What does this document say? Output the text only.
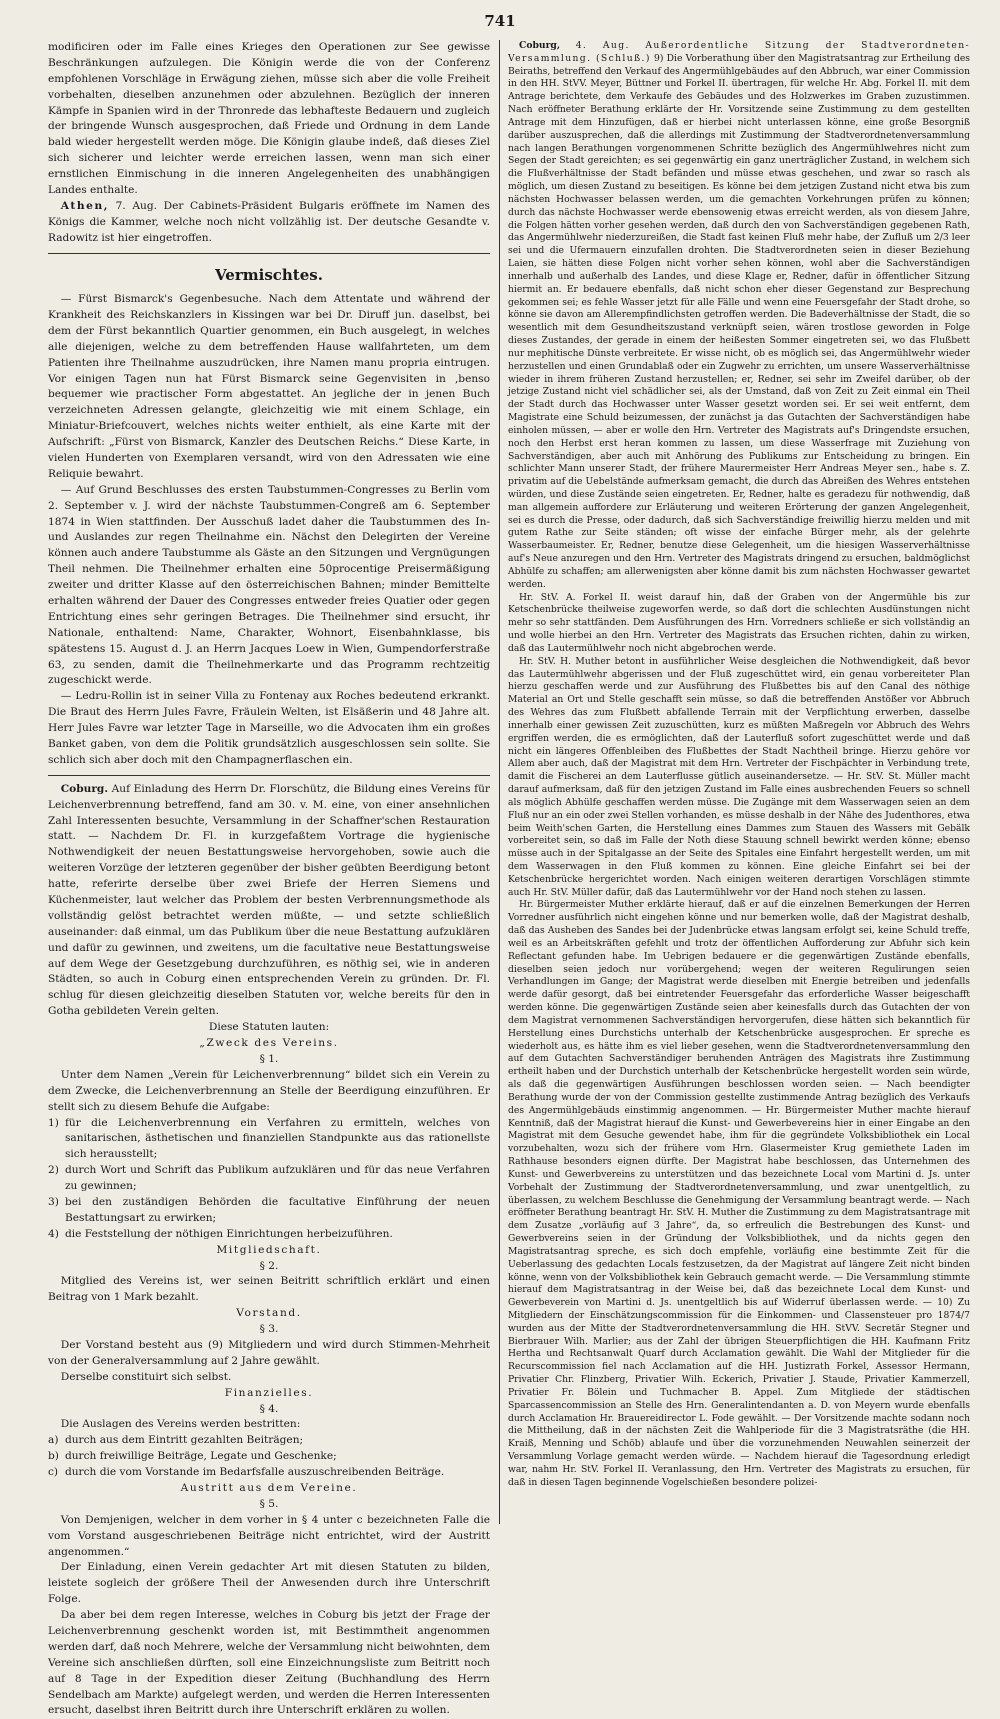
741

modificiren oder im Falle eines Krieges den Operationen zur See gewisse Beschränkungen aufzulegen. Die Königin werde die von der Conferenz empfohlenen Vorschläge in Erwägung ziehen, müsse sich aber die volle Freiheit vorbehalten, dieselben anzunehmen oder abzulehnen. Bezüglich der inneren Kämpfe in Spanien wird in der Thronrede das lebhafteste Bedauern und zugleich der bringende Wunsch ausgesprochen, daß Friede und Ordnung in dem Lande bald wieder hergestellt werden möge. Die Königin glaube indeß, daß dieses Ziel sich sicherer und leichter werde erreichen lassen, wenn man sich einer ernstlichen Einmischung in die inneren Angelegenheiten des unabhängigen Landes enthalte.

Athen, 7. Aug. Der Cabinets-Präsident Bulgaris eröffnete im Namen des Königs die Kammer, welche noch nicht vollzählig ist. Der deutsche Gesandte v. Radowitz ist hier eingetroffen.

Vermischtes.

— Fürst Bismarck's Gegenbesuche. Nach dem Attentate und während der Krankheit des Reichskanzlers in Kissingen war bei Dr. Diruff jun. daselbst, bei dem der Fürst bekanntlich Quartier genommen, ein Buch ausgelegt, in welches alle diejenigen, welche zu dem betreffenden Hause wallfahrteten, um dem Patienten ihre Theilnahme auszudrücken, ihre Namen manu propria eintrugen. Vor einigen Tagen nun hat Fürst Bismarck seine Gegenvisiten in ‚benso bequemer wie practischer Form abgestattet. An jegliche der in jenen Buch verzeichneten Adressen gelangte, gleichzeitig wie mit einem Schlage, ein Miniatur-Briefcouvert, welches nichts weiter enthielt, als eine Karte mit der Aufschrift: „Fürst von Bismarck, Kanzler des Deutschen Reichs.“ Diese Karte, in vielen Hunderten von Exemplaren versandt, wird von den Adressaten wie eine Reliquie bewahrt.

— Auf Grund Beschlusses des ersten Taubstummen-Congresses zu Berlin vom 2. September v. J. wird der nächste Taubstummen-Congreß am 6. September 1874 in Wien stattfinden. Der Ausschuß ladet daher die Taubstummen des In- und Auslandes zur regen Theilnahme ein. Nächst den Delegirten der Vereine können auch andere Taubstumme als Gäste an den Sitzungen und Vergnügungen Theil nehmen. Die Theilnehmer erhalten eine 50procentige Preisermäßigung zweiter und dritter Klasse auf den österreichischen Bahnen; minder Bemittelte erhalten während der Dauer des Congresses entweder freies Quatier oder gegen Entrichtung eines sehr geringen Betrages. Die Theilnehmer sind ersucht, ihr Nationale, enthaltend: Name, Charakter, Wohnort, Eisenbahnklasse, bis spätestens 15. August d. J. an Herrn Jacques Loew in Wien, Gumpendorferstraße 63, zu senden, damit die Theilnehmerkarte und das Programm rechtzeitig zugeschickt werde.

— Ledru-Rollin ist in seiner Villa zu Fontenay aux Roches bedeutend erkrankt. Die Braut des Herrn Jules Favre, Fräulein Welten, ist Elsäßerin und 48 Jahre alt. Herr Jules Favre war letzter Tage in Marseille, wo die Advocaten ihm ein großes Banket gaben, von dem die Politik grundsätzlich ausgeschlossen sein sollte. Sie schlich sich aber doch mit den Champagnerflaschen ein.

Coburg. Auf Einladung des Herrn Dr. Florschütz, die Bildung eines Vereins für Leichenverbrennung betreffend, fand am 30. v. M. eine, von einer ansehnlichen Zahl Interessenten besuchte, Versammlung in der Schaffner'schen Restauration statt. — Nachdem Dr. Fl. in kurzgefaßtem Vortrage die hygienische Nothwendigkeit der neuen Bestattungsweise hervorgehoben, sowie auch die weiteren Vorzüge der letzteren gegenüber der bisher geübten Beerdigung betont hatte, referirte derselbe über zwei Briefe der Herren Siemens und Küchenmeister, laut welcher das Problem der besten Verbrennungsmethode als vollständig gelöst betrachtet werden müßte, — und setzte schließlich auseinander: daß einmal, um das Publikum über die neue Bestattung aufzuklären und dafür zu gewinnen, und zweitens, um die facultative neue Bestattungsweise auf dem Wege der Gesetzgebung durchzuführen, es nöthig sei, wie in anderen Städten, so auch in Coburg einen entsprechenden Verein zu gründen. Dr. Fl. schlug für diesen gleichzeitig dieselben Statuten vor, welche bereits für den in Gotha gebildeten Verein gelten.

Diese Statuten lauten:
„Zweck des Vereins.
§ 1.

Unter dem Namen „Verein für Leichenverbrennung“ bildet sich ein Verein zu dem Zwecke, die Leichenverbrennung an Stelle der Beerdigung einzuführen. Er stellt sich zu diesem Behufe die Aufgabe:

1) für die Leichenverbrennung ein Verfahren zu ermitteln, welches von sanitarischen, ästhetischen und finanziellen Standpunkte aus das rationellste sich herausstellt;

2) durch Wort und Schrift das Publikum aufzuklären und für das neue Verfahren zu gewinnen;

3) bei den zuständigen Behörden die facultative Einführung der neuen Bestattungsart zu erwirken;

4) die Feststellung der nöthigen Einrichtungen herbeizuführen.

Mitgliedschaft.
§ 2.

Mitglied des Vereins ist, wer seinen Beitritt schriftlich erklärt und einen Beitrag von 1 Mark bezahlt.

Vorstand.
§ 3.

Der Vorstand besteht aus (9) Mitgliedern und wird durch Stimmen-Mehrheit von der Generalversammlung auf 2 Jahre gewählt.

Derselbe constituirt sich selbst.

Finanzielles.
§ 4.

Die Auslagen des Vereins werden bestritten:

a) durch aus dem Eintritt gezahlten Beiträgen;

b) durch freiwillige Beiträge, Legate und Geschenke;

c) durch die vom Vorstande im Bedarfsfalle auszuschreibenden Beiträge.

Austritt aus dem Vereine.
§ 5.

Von Demjenigen, welcher in dem vorher in § 4 unter c bezeichneten Falle die vom Vorstand ausgeschriebenen Beiträge nicht entrichtet, wird der Austritt angenommen.“

Der Einladung, einen Verein gedachter Art mit diesen Statuten zu bilden, leistete sogleich der größere Theil der Anwesenden durch ihre Unterschrift Folge.

Da aber bei dem regen Interesse, welches in Coburg bis jetzt der Frage der Leichenverbrennung geschenkt worden ist, mit Bestimmtheit angenommen werden darf, daß noch Mehrere, welche der Versammlung nicht beiwohnten, dem Vereine sich anschließen dürften, soll eine Einzeichnungsliste zum Beitritt noch auf 8 Tage in der Expedition dieser Zeitung (Buchhandlung des Herrn Sendelbach am Markte) aufgelegt werden, und werden die Herren Interessenten ersucht, daselbst ihren Beitritt durch ihre Unterschrift erklären zu wollen.

Coburg, 4. Aug. Außerordentliche Sitzung der Stadtverordneten-Versammlung. (Schluß.) 9) Die Vorberathung über den Magistratsantrag zur Ertheilung des Beiraths, betreffend den Verkauf des Angermühlgebäudes auf den Abbruch, war einer Commission in den HH. StVV. Meyer, Büttner und Forkel II. übertragen, für welche Hr. Abg. Forkel II. mit dem Antrage berichtete, dem Verkaufe des Gebäudes und des Holzwerkes im Graben zuzustimmen. Nach eröffneter Berathung erklärte der Hr. Vorsitzende seine Zustimmung zu dem gestellten Antrage mit dem Hinzufügen, daß er hierbei nicht unterlassen könne, eine große Besorgniß darüber auszusprechen, daß die allerdings mit Zustimmung der Stadtverordnetenversammlung nach langen Berathungen vorgenommenen Schritte bezüglich des Angermühlwehres nicht zum Segen der Stadt gereichten; es sei gegenwärtig ein ganz unerträglicher Zustand, in welchem sich die Flußverhältnisse der Stadt befänden und müsse etwas geschehen, und zwar so rasch als möglich, um diesen Zustand zu beseitigen. Es könne bei dem jetzigen Zustand nicht etwa bis zum nächsten Hochwasser belassen werden, um die gemachten Vorkehrungen prüfen zu können; durch das nächste Hochwasser werde ebensowenig etwas erreicht werden, als von diesem Jahre, die Folgen hätten vorher gesehen werden, daß durch den von Sachverständigen gegebenen Rath, das Angermühlwehr niederzureißen, die Stadt fast keinen Fluß mehr habe, der Zufluß um 2/3 leer sei und die Ufermauern einzufallen drohten. Die Stadtverordneten seien in dieser Beziehung Laien, sie hätten diese Folgen nicht vorher sehen können, wohl aber die Sachverständigen innerhalb und außerhalb des Landes, und diese Klage er, Redner, dafür in öffentlicher Sitzung hiermit an. Er bedauere ebenfalls, daß nicht schon eher dieser Gegenstand zur Besprechung gekommen sei; es fehle Wasser jetzt für alle Fälle und wenn eine Feuersgefahr der Stadt drohe, so könne sie davon am Allerempfindlichsten getroffen werden. Die Badeverhältnisse der Stadt, die so wesentlich mit dem Gesundheitszustand verknüpft seien, wären trostlose geworden in Folge dieses Zustandes, der gerade in einem der heißesten Sommer eingetreten sei, wo das Flußbett nur mephitische Dünste verbreitete. Er wisse nicht, ob es möglich sei, das Angermühlwehr wieder herzustellen und einen Grundablaß oder ein Zugwehr zu errichten, um unsere Wasserverhältnisse wieder in ihrem früheren Zustand herzustellen; er, Redner, sei sehr im Zweifel darüber, ob der jetzige Zustand nicht viel schädlicher sei, als der Umstand, daß von Zeit zu Zeit einmal ein Theil der Stadt durch das Hochwasser unter Wasser gesetzt worden sei. Er sei weit entfernt, dem Magistrate eine Schuld beizumessen, der zunächst ja das Gutachten der Sachverständigen habe einholen müssen, — aber er wolle den Hrn. Vertreter des Magistrats auf's Dringendste ersuchen, noch den Herbst erst heran kommen zu lassen, um diese Wasserfrage mit Zuziehung von Sachverständigen, aber auch mit Anhörung des Publikums zur Entscheidung zu bringen. Ein schlichter Mann unserer Stadt, der frühere Maurermeister Herr Andreas Meyer sen., habe s. Z. privatim auf die Uebelstände aufmerksam gemacht, die durch das Abreißen des Wehres entstehen würden, und diese Zustände seien eingetreten. Er, Redner, halte es geradezu für nothwendig, daß man allgemein auffordere zur Erläuterung und weiteren Erörterung der ganzen Angelegenheit, sei es durch die Presse, oder dadurch, daß sich Sachverständige freiwillig hierzu melden und mit gutem Rathe zur Seite ständen; oft wisse der einfache Bürger mehr, als der gelehrte Wasserbaumeister. Er, Redner, benutze diese Gelegenheit, um die hiesigen Wasserverhältnisse auf's Neue anzuregen und den Hrn. Vertreter des Magistrats dringend zu ersuchen, baldmöglichst Abhülfe zu schaffen; am allerwenigsten aber könne damit bis zum nächsten Hochwasser gewartet werden.

Hr. StV. A. Forkel II. weist darauf hin, daß der Graben von der Angermühle bis zur Ketschenbrücke theilweise zugeworfen werde, so daß dort die schlechten Ausdünstungen nicht mehr so sehr stattfänden. Dem Ausführungen des Hrn. Vorredners schließe er sich vollständig an und wolle hierbei an den Hrn. Vertreter des Magistrats das Ersuchen richten, dahin zu wirken, daß das Lautermühlwehr noch nicht abgebrochen werde.

Hr. StV. H. Muther betont in ausführlicher Weise desgleichen die Nothwendigkeit, daß bevor das Lautermühlwehr abgerissen und der Fluß zugeschüttet wird, ein genau vorbereiteter Plan hierzu geschaffen werde und zur Ausführung des Flußbettes bis auf den Canal des nöthige Material an Ort und Stelle geschafft sein müsse, so daß die betreffenden Anstößer vor Abbruch des Wehres das zum Flußbett abfallende Terrain mit der Verpflichtung erwerben, dasselbe innerhalb einer gewissen Zeit zuzuschütten, kurz es müßten Maßregeln vor Abbruch des Wehrs ergriffen werden, die es ermöglichten, daß der Lauterfluß sofort zugeschüttet werde und daß nicht ein längeres Offenbleiben des Flußbettes der Stadt Nachtheil bringe. Hierzu gehöre vor Allem aber auch, daß der Magistrat mit dem Hrn. Vertreter der Fischpächter in Verbindung trete, damit die Fischerei an dem Lauterflusse gütlich auseinandersetze. — Hr. StV. St. Müller macht darauf aufmerksam, daß für den jetzigen Zustand im Falle eines ausbrechenden Feuers so schnell als möglich Abhülfe geschaffen werden müsse. Die Zugänge mit dem Wasserwagen seien an dem Fluß nur an ein oder zwei Stellen vorhanden, es müsse deshalb in der Nähe des Judenthores, etwa beim Weith'schen Garten, die Herstellung eines Dammes zum Stauen des Wassers mit Gebälk vorbereitet sein, so daß im Falle der Noth diese Stauung schnell bewirkt werden könne; ebenso müsse auch in der Spitalgasse an der Seite des Spitales eine Einfahrt hergestellt werden, um mit dem Wasserwagen in den Fluß kommen zu können. Eine gleiche Einfahrt sei bei der Ketschenbrücke hergerichtet worden. Nach einigen weiteren derartigen Vorschlägen stimmte auch Hr. StV. Müller dafür, daß das Lautermühlwehr vor der Hand noch stehen zu lassen.

Hr. Bürgermeister Muther erklärte hierauf, daß er auf die einzelnen Bemerkungen der Herren Vorredner ausführlich nicht eingehen könne und nur bemerken wolle, daß der Magistrat deshalb, daß das Ausheben des Sandes bei der Judenbrücke etwas langsam erfolgt sei, keine Schuld treffe, weil es an Arbeitskräften gefehlt und trotz der öffentlichen Aufforderung zur Abfuhr sich kein Reflectant gefunden habe. Im Uebrigen bedauere er die gegenwärtigen Zustände ebenfalls, dieselben seien jedoch nur vorübergehend; wegen der weiteren Regulirungen seien Verhandlungen im Gange; der Magistrat werde dieselben mit Energie betreiben und jedenfalls werde dafür gesorgt, daß bei eintretender Feuersgefahr das erforderliche Wasser beigeschafft werden könne. Die gegenwärtigen Zustände seien aber keinesfalls durch das Gutachten der von dem Magistrat vernommenen Sachverständigen hervorgerufen, diese hätten sich bekanntlich für Herstellung eines Durchstichs unterhalb der Ketschenbrücke ausgesprochen. Er spreche es wiederholt aus, es hätte ihm es viel lieber gesehen, wenn die Stadtverordnetenversammlung den auf dem Gutachten Sachverständiger beruhenden Anträgen des Magistrats ihre Zustimmung ertheilt haben und der Durchstich unterhalb der Ketschenbrücke hergestellt worden sein würde, als daß die gegenwärtigen Ausführungen beschlossen worden seien. — Nach beendigter Berathung wurde der von der Commission gestellte zustimmende Antrag bezüglich des Verkaufs des Angermühlgebäuds einstimmig angenommen. — Hr. Bürgermeister Muther machte hierauf Kenntniß, daß der Magistrat hierauf die Kunst- und Gewerbevereins hier in einer Eingabe an den Magistrat mit dem Gesuche gewendet habe, ihm für die gegründete Volksbibliothek ein Local vorzubehalten, wozu sich der frühere vom Hrn. Glasermeister Krug gemiethete Laden im Rathhause besonders eignen dürfte. Der Magistrat habe beschlossen, das Unternehmen des Kunst- und Gewerbvereins zu unterstützen und das bezeichnete Local vom Martini d. Js. unter Vorbehalt der Zustimmung der Stadtverordnetenversammlung, und zwar unentgeltlich, zu überlassen, zu welchem Beschlusse die Genehmigung der Versammlung beantragt werde. — Nach eröffneter Berathung beantragt Hr. StV. H. Muther die Zustimmung zu dem Magistratsantrage mit dem Zusatze „vorläufig auf 3 Jahre“, da, so erfreulich die Bestrebungen des Kunst- und Gewerbvereins seien in der Gründung der Volksbibliothek, und da nichts gegen den Magistratsantrag spreche, es sich doch empfehle, vorläufig eine bestimmte Zeit für die Ueberlassung des gedachten Locals festzusetzen, da der Magistrat auf längere Zeit nicht binden könne, wenn von der Volksbibliothek kein Gebrauch gemacht werde. — Die Versammlung stimmte hierauf dem Magistratsantrag in der Weise bei, daß das bezeichnete Local dem Kunst- und Gewerbeverein von Martini d. Js. unentgeltlich bis auf Widerruf überlassen werde. — 10) Zu Mitgliedern der Einschätzungscommission für die Einkommen- und Classensteuer pro 1874/7 wurden aus der Mitte der Stadtverordnetenversammlung die HH. StVV. Secretär Stegner und Bierbrauer Wilh. Marlier; aus der Zahl der übrigen Steuerpflichtigen die HH. Kaufmann Fritz Hertha und Rechtsanwalt Quarf durch Acclamation gewählt. Die Wahl der Mitglieder für die Recurscommission fiel nach Acclamation auf die HH. Justizrath Forkel, Assessor Hermann, Privatier Chr. Flinzberg, Privatier Wilh. Eckerich, Privatier J. Staude, Privatier Kammerzell, Privatier Fr. Bölein und Tuchmacher B. Appel. Zum Mitgliede der städtischen Sparcassencommission an Stelle des Hrn. Generalintendanten a. D. von Meyern wurde ebenfalls durch Acclamation Hr. Brauereidirector L. Fode gewählt. — Der Vorsitzende machte sodann noch die Mittheilung, daß in der nächsten Zeit die Wahlperiode für die 3 Magistratsräthe (die HH. Kraiß, Menning und Schöb) ablaufe und über die vorzunehmenden Neuwahlen seinerzeit der Versammlung Vorlage gemacht werden würde. — Nachdem hierauf die Tagesordnung erledigt war, nahm Hr. StV. Forkel II. Veranlassung, den Hrn. Vertreter des Magistrats zu ersuchen, für daß in diesen Tagen beginnende Vogelschießen besondere polizei-
